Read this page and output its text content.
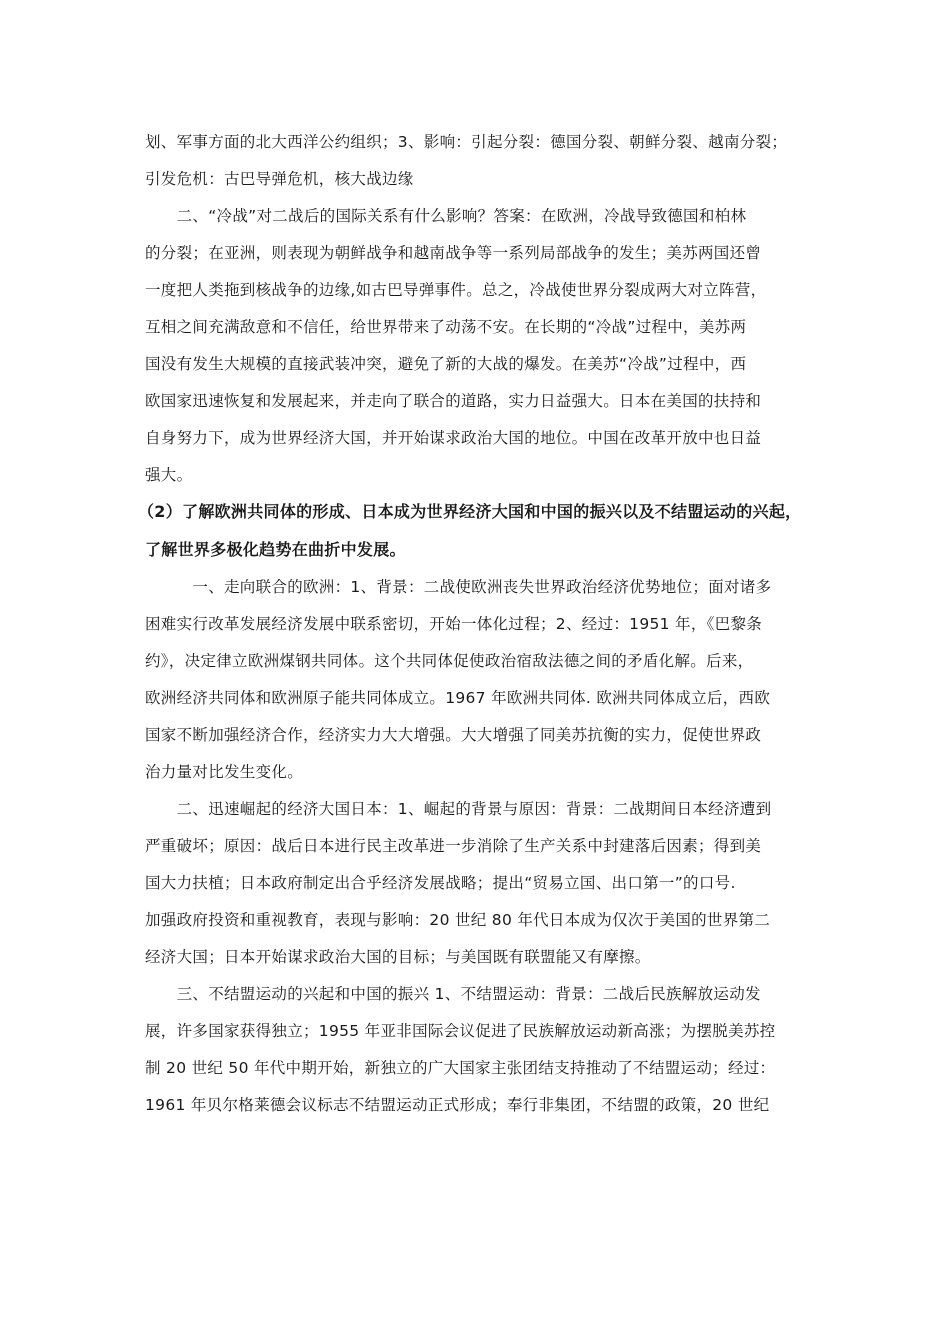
划、军事方面的北大西洋公约组织；3、影响：引起分裂：德国分裂、朝鲜分裂、越南分裂；
引发危机：古巴导弹危机，核大战边缘
　　二、“冷战”对二战后的国际关系有什么影响？答案：在欧洲，冷战导致德国和柏林
的分裂；在亚洲，则表现为朝鲜战争和越南战争等一系列局部战争的发生；美苏两国还曾
一度把人类拖到核战争的边缘,如古巴导弹事件。总之，冷战使世界分裂成两大对立阵营，
互相之间充满敌意和不信任，给世界带来了动荡不安。在长期的“冷战”过程中，美苏两
国没有发生大规模的直接武装冲突，避免了新的大战的爆发。在美苏“冷战”过程中，西
欧国家迅速恢复和发展起来，并走向了联合的道路，实力日益强大。日本在美国的扶持和
自身努力下，成为世界经济大国，并开始谋求政治大国的地位。中国在改革开放中也日益
强大。
（2）了解欧洲共同体的形成、日本成为世界经济大国和中国的振兴以及不结盟运动的兴起，
了解世界多极化趋势在曲折中发展。
　　　一、走向联合的欧洲：1、背景：二战使欧洲丧失世界政治经济优势地位；面对诸多
困难实行改革发展经济发展中联系密切，开始一体化过程；2、经过：1951 年，《巴黎条
约》，决定律立欧洲煤钢共同体。这个共同体促使政治宿敌法德之间的矛盾化解。后来，
欧洲经济共同体和欧洲原子能共同体成立。1967 年欧洲共同体. 欧洲共同体成立后，西欧
国家不断加强经济合作，经济实力大大增强。大大增强了同美苏抗衡的实力，促使世界政
治力量对比发生变化。
　　二、迅速崛起的经济大国日本：1、崛起的背景与原因：背景：二战期间日本经济遭到
严重破坏；原因：战后日本进行民主改革进一步消除了生产关系中封建落后因素；得到美
国大力扶植；日本政府制定出合乎经济发展战略；提出“贸易立国、出口第一”的口号.
加强政府投资和重视教育，表现与影响：20 世纪 80 年代日本成为仅次于美国的世界第二
经济大国；日本开始谋求政治大国的目标；与美国既有联盟能又有摩擦。
　　三、不结盟运动的兴起和中国的振兴 1、不结盟运动：背景：二战后民族解放运动发
展，许多国家获得独立；1955 年亚非国际会议促进了民族解放运动新高涨；为摆脱美苏控
制 20 世纪 50 年代中期开始，新独立的广大国家主张团结支持推动了不结盟运动；经过：
1961 年贝尔格莱德会议标志不结盟运动正式形成；奉行非集团，不结盟的政策，20 世纪
